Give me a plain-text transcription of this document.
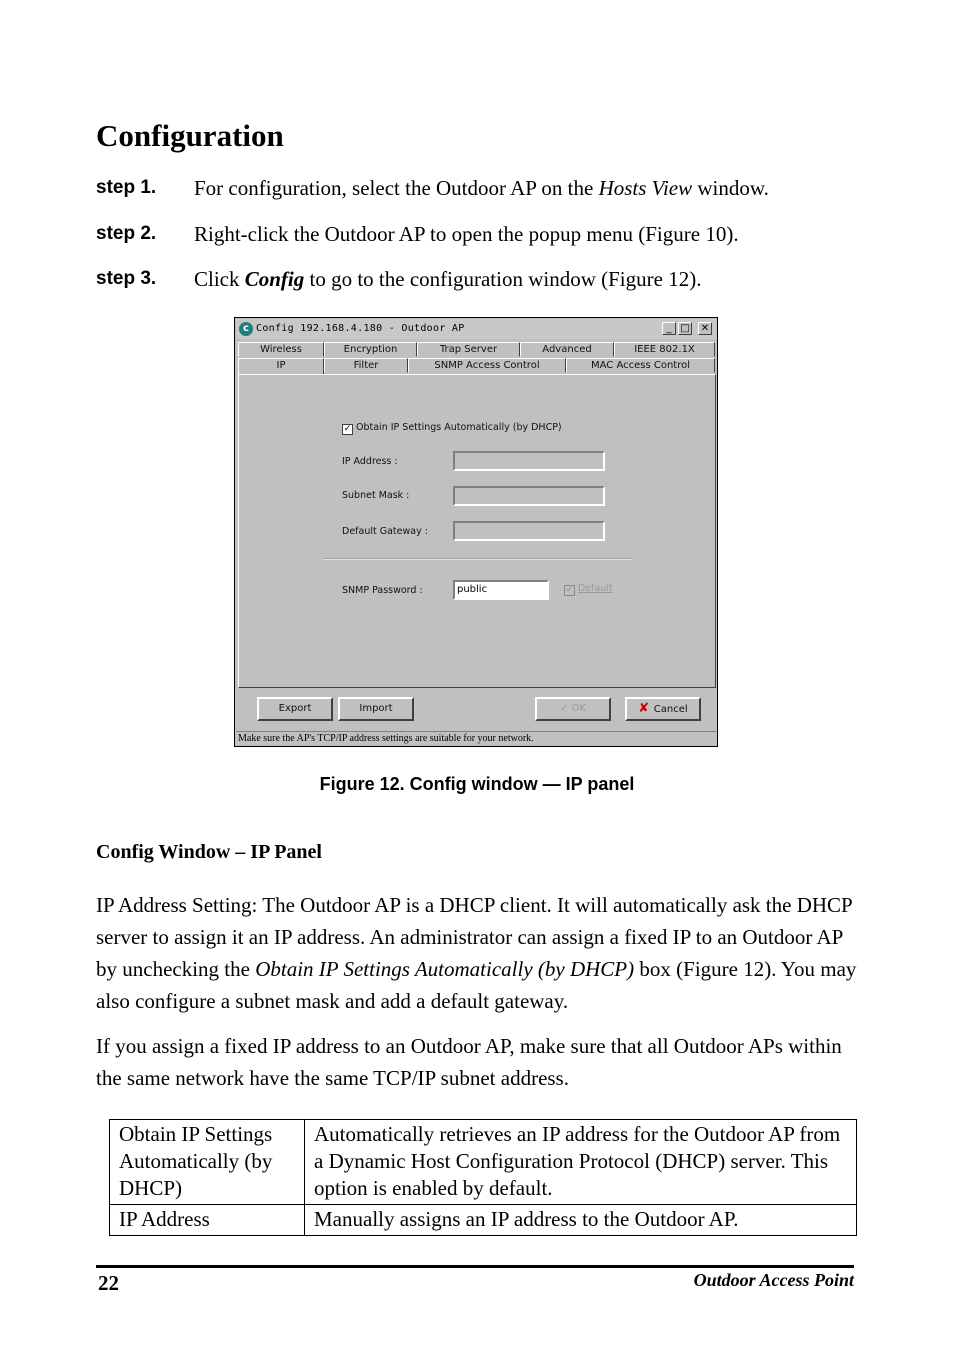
Configuration
step 1. For configuration, select the Outdoor AP on the Hosts View window.
step 2. Right-click the Outdoor AP to open the popup menu (Figure 10).
step 3. Click Config to go to the configuration window (Figure 12).
c Config 192.168.4.180 - Outdoor AP	_ □ ✕
Wireless	Encryption	Trap Server	Advanced	IEEE 802.1X
IP	Filter	SNMP Access Control	MAC Access Control
✓ Obtain IP Settings Automatically (by DHCP)
IP Address :
Subnet Mask :
Default Gateway :
SNMP Password :	public	✓ Default
Export	Import	✓ OK	✘ Cancel
Make sure the AP's TCP/IP address settings are suitable for your network.
Figure 12. Config window — IP panel
Config Window – IP Panel
IP Address Setting: The Outdoor AP is a DHCP client. It will automatically ask the DHCP server to assign it an IP address. An administrator can assign a fixed IP to an Outdoor AP by unchecking the Obtain IP Settings Automatically (by DHCP) box (Figure 12). You may also configure a subnet mask and add a default gateway.
If you assign a fixed IP address to an Outdoor AP, make sure that all Outdoor APs within the same network have the same TCP/IP subnet address.
Obtain IP Settings Automatically (by DHCP)	Automatically retrieves an IP address for the Outdoor AP from a Dynamic Host Configuration Protocol (DHCP) server. This option is enabled by default.
IP Address	Manually assigns an IP address to the Outdoor AP.
22	Outdoor Access Point
